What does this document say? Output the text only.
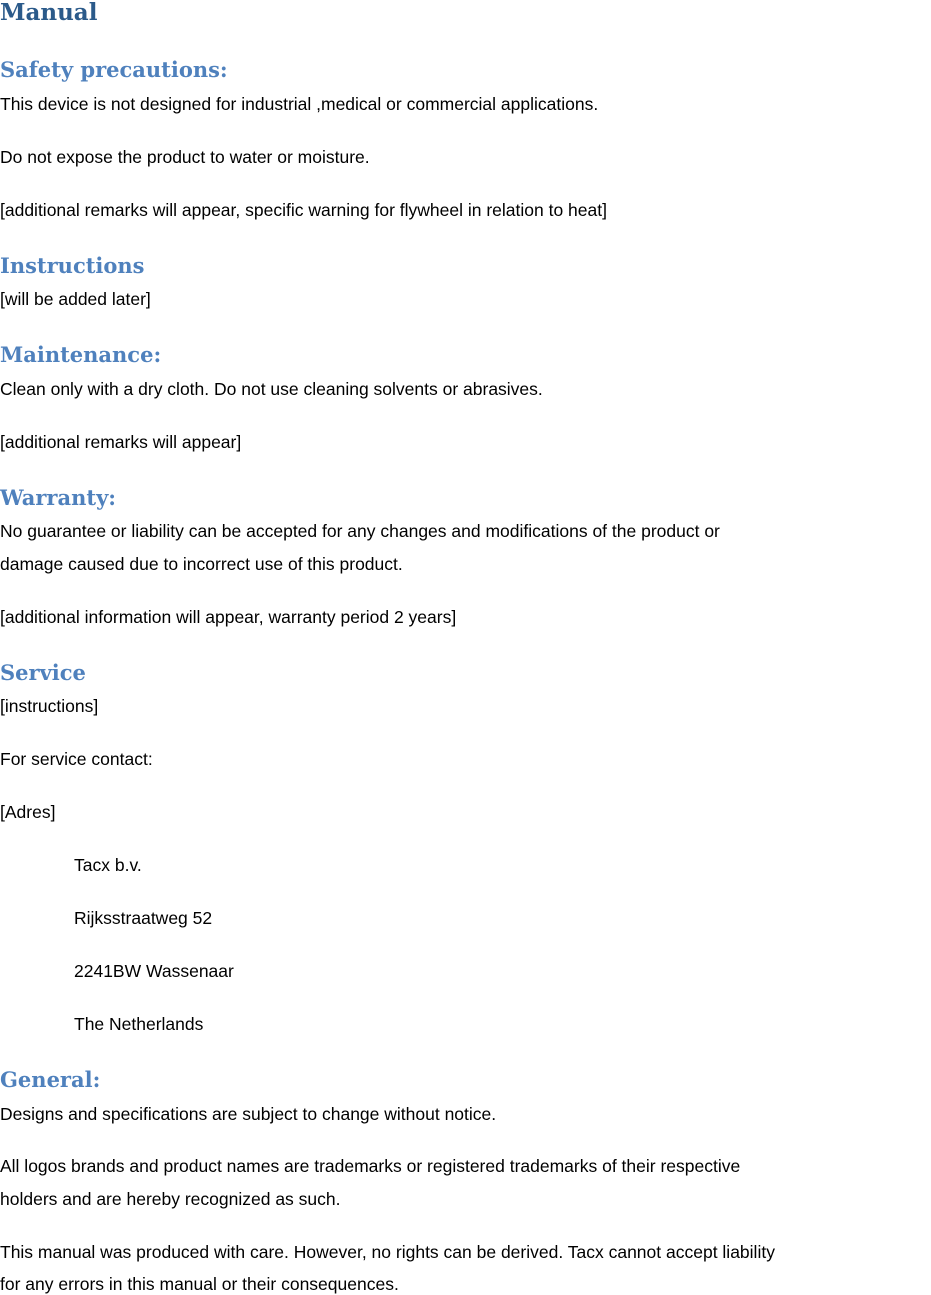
Manual
Safety precautions:

This device is not designed for industrial ,medical or commercial applications.

Do not expose the product to water or moisture.

[additional remarks will appear, specific warning for flywheel in relation to heat]

Instructions

[will be added later]

Maintenance:

Clean only with a dry cloth. Do not use cleaning solvents or abrasives.

[additional remarks will appear]

Warranty:

No guarantee or liability can be accepted for any changes and modifications of the product or

damage caused due to incorrect use of this product.

[additional information will appear, warranty period 2 years]

Service

[instructions]

For service contact:

[Adres]

Tacx b.v.

Rijksstraatweg 52

2241BW Wassenaar

The Netherlands

General:

Designs and specifications are subject to change without notice.

All logos brands and product names are trademarks or registered trademarks of their respective

holders and are hereby recognized as such.

This manual was produced with care. However, no rights can be derived. Tacx cannot accept liability

for any errors in this manual or their consequences.
